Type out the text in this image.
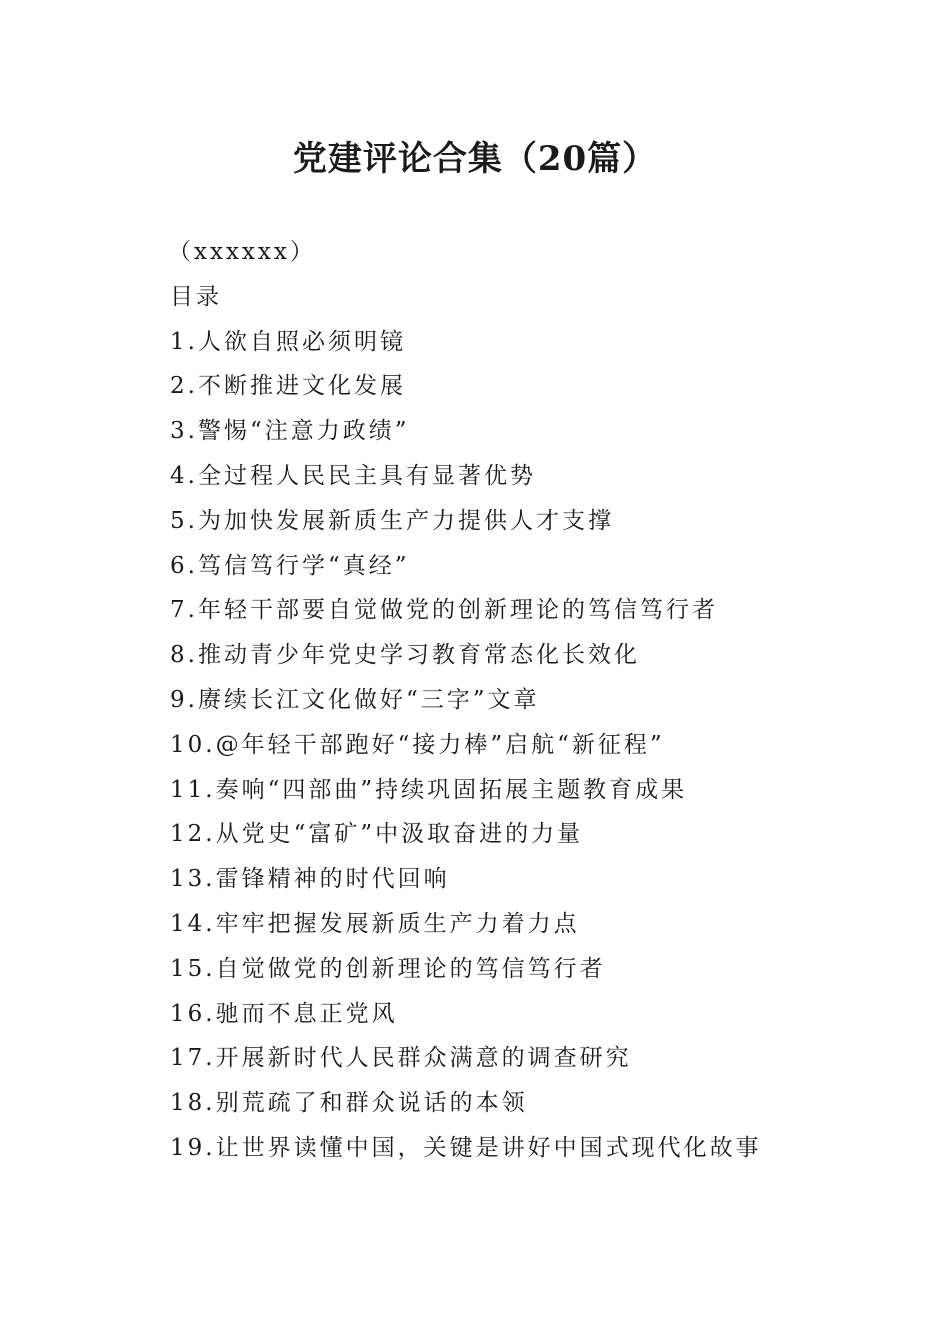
党建评论合集（20篇）
（xxxxxx）
目录
1.人欲自照必须明镜
2.不断推进文化发展
3.警惕“注意力政绩”
4.全过程人民民主具有显著优势
5.为加快发展新质生产力提供人才支撑
6.笃信笃行学“真经”
7.年轻干部要自觉做党的创新理论的笃信笃行者
8.推动青少年党史学习教育常态化长效化
9.赓续长江文化做好“三字”文章
10.@年轻干部跑好“接力棒”启航“新征程”
11.奏响“四部曲”持续巩固拓展主题教育成果
12.从党史“富矿”中汲取奋进的力量
13.雷锋精神的时代回响
14.牢牢把握发展新质生产力着力点
15.自觉做党的创新理论的笃信笃行者
16.驰而不息正党风
17.开展新时代人民群众满意的调查研究
18.别荒疏了和群众说话的本领
19.让世界读懂中国，关键是讲好中国式现代化故事
